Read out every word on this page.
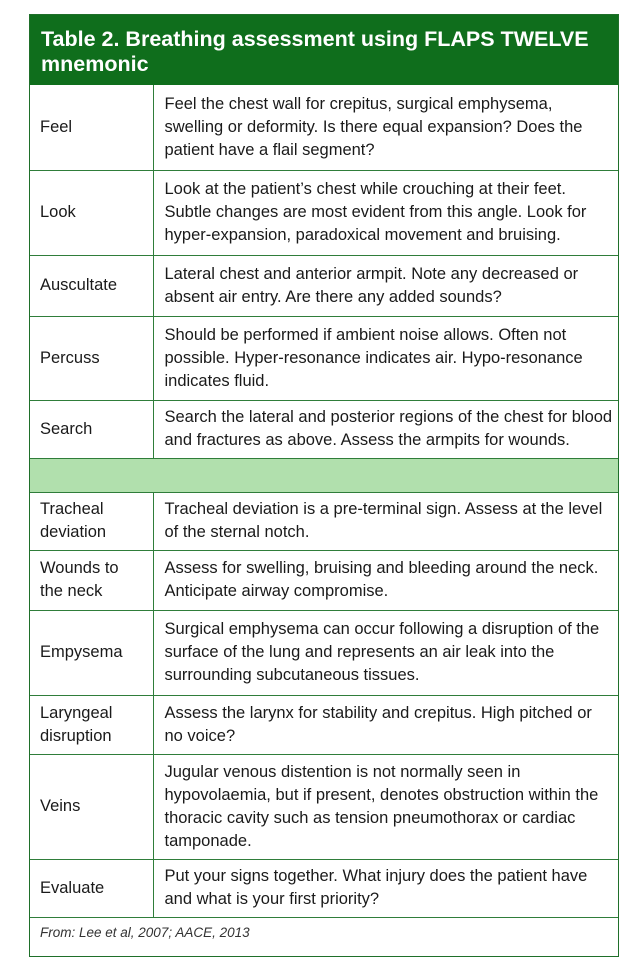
Table 2. Breathing assessment using FLAPS TWELVE mnemonic
Feel	Feel the chest wall for crepitus, surgical emphysema, swelling or deformity. Is there equal expansion? Does the patient have a flail segment?
Look	Look at the patient’s chest while crouching at their feet. Subtle changes are most evident from this angle. Look for hyper-expansion, paradoxical movement and bruising.
Auscultate	Lateral chest and anterior armpit. Note any decreased or absent air entry. Are there any added sounds?
Percuss	Should be performed if ambient noise allows. Often not possible. Hyper-resonance indicates air. Hypo-resonance indicates fluid.
Search	Search the lateral and posterior regions of the chest for blood and fractures as above. Assess the armpits for wounds.

Tracheal deviation	Tracheal deviation is a pre-terminal sign. Assess at the level of the sternal notch.
Wounds to the neck	Assess for swelling, bruising and bleeding around the neck. Anticipate airway compromise.
Empysema	Surgical emphysema can occur following a disruption of the surface of the lung and represents an air leak into the surrounding subcutaneous tissues.
Laryngeal disruption	Assess the larynx for stability and crepitus. High pitched or no voice?
Veins	Jugular venous distention is not normally seen in hypovolaemia, but if present, denotes obstruction within the thoracic cavity such as tension pneumothorax or cardiac tamponade.
Evaluate	Put your signs together. What injury does the patient have and what is your first priority?
From: Lee et al, 2007; AACE, 2013
